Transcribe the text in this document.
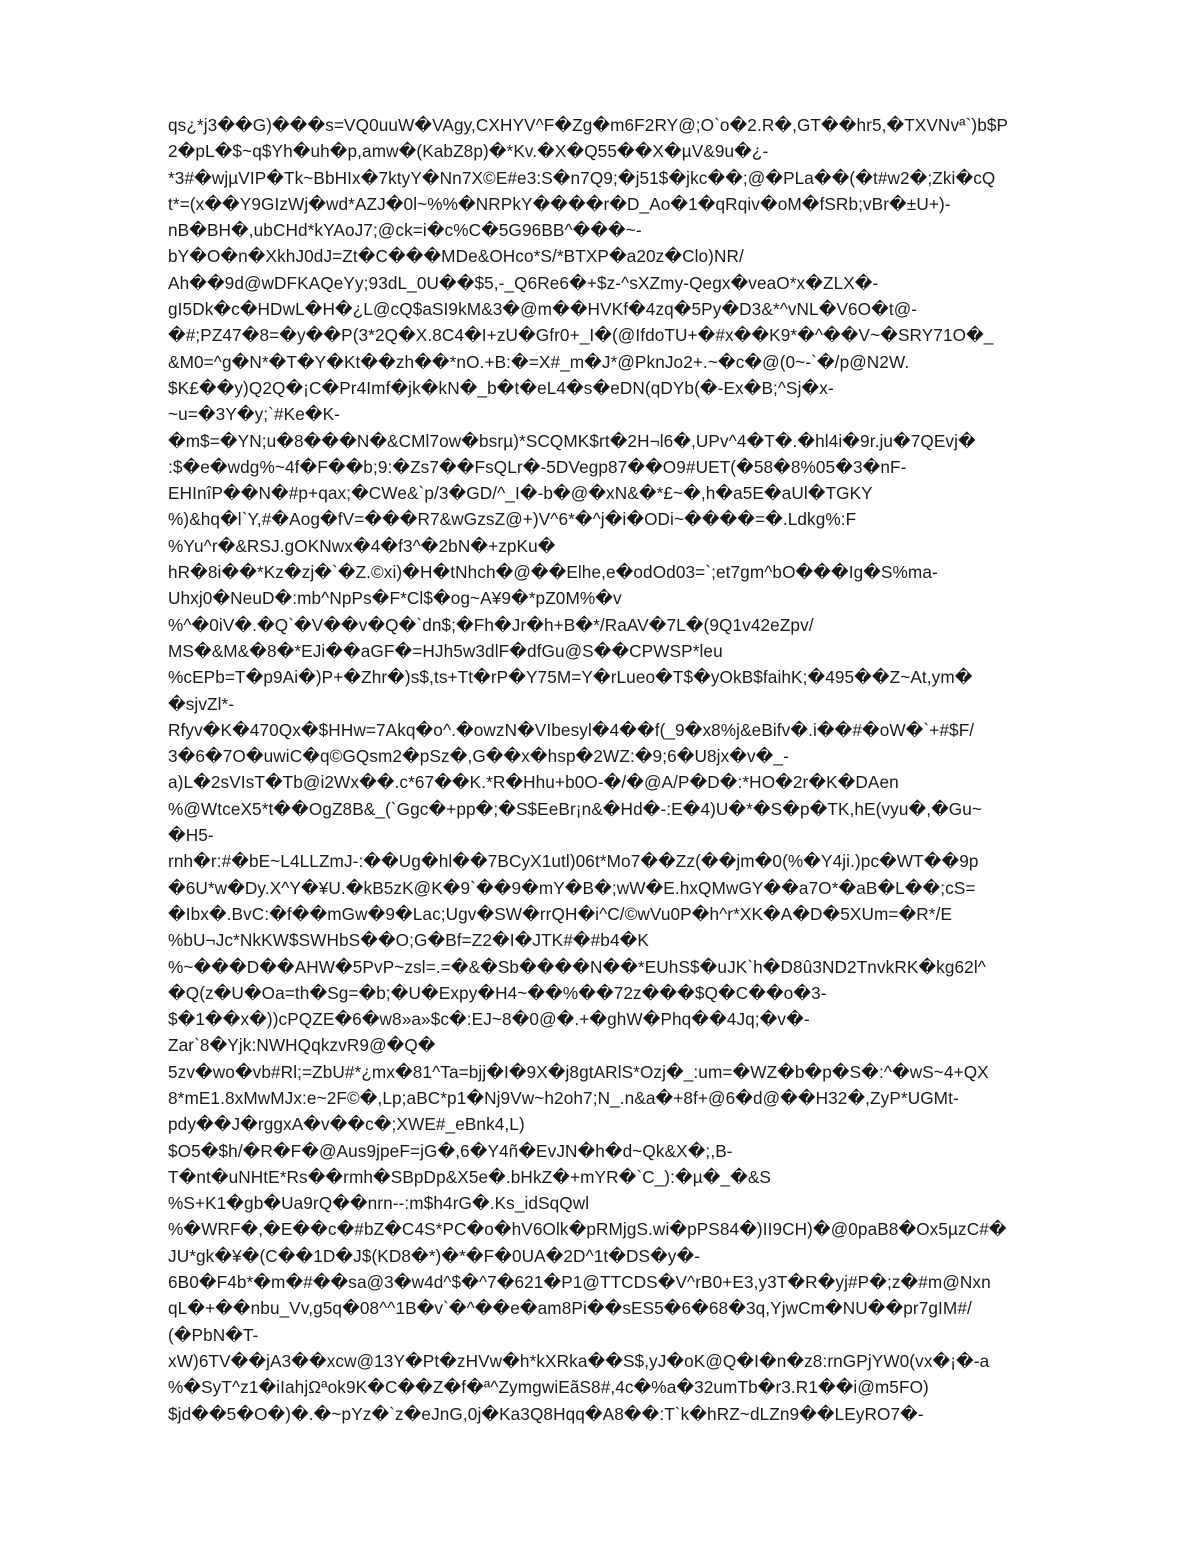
qs¿*j3��G)���s=VQ0uuW�VAgy,CXHYV^F�Zg�m6F2RY@;O`o�2.R�,GT��hr5,�TXVNvª`)b$P
2�pL�$~q$Yh�uh�p,amw�(KabZ8p)�*Kv.�X�Q55��X�µV&9u�¿-
*3#�wjµVIP�Tk~BbHIx�7ktyY�Nn7X©E#e3:S�n7Q9;�j51$�jkc��;@�PLa��(�t#w2�;Zki�cQ
t*=(x��Y9GIzWj�wd*AZJ�0l~%%�NRPkY����r�D_Ao�1�qRqiv�oM�fSRb;vBr�±U+)-
nB�BH�,ubCHd*kYAoJ7;@ck=i�c%C�5G96BB^���~-
bY�O�n�XkhJ0dJ=Zt�C���MDe&OHco*S/*BTXP�a20z�Clo)NR/
Ah��9d@wDFKAQeYy;93dL_0U��$5,-_Q6Re6�+$z-^sXZmy-Qegx�veaO*x�ZLX�-
gI5Dk�c�HDwL�H�¿L@cQ$aSI9kM&3�@m��HVKf�4zq�5Py�D3&*^vNL�V6O�t@-
�#;PZ47�8=�y��P(3*2Q�X.8C4�I+zU�Gfr0+_I�(@IfdoTU+�#x��K9*�^��V~�SRY71O�_
&M0=^g�N*�T�Y�Kt��zh��*nO.+B:�=X#_m�J*@PknJo2+.~�c�@(0~-`�/p@N2W.
$K£��y)Q2Q�¡C�Pr4Imf�jk�kN�_b�t�eL4�s�eDN(qDYb(�-Ex�B;^Sj�x-
~u=�3Y�y;`#Ke�K-
�m$=�YN;u�8���N�&CMl7ow�bsrµ)*SCQMK$rt�2H¬l6�,UPv^4�T�.�hl4i�9r.ju�7QEvj�
:$�e�wdg%~4f�F��b;9:�Zs7��FsQLr�-5DVegp87��O9#UET(�58�8%05�3�nF-
EHInîP��N�#p+qax;�CWe&`p/3�GD/^_I�-b�@�xN&�*£~�,h�a5E�aUl�TGKY
%)&hq�l`Y,#�Aog�fV=���R7&wGzsZ@+)V^6*�^j�i�ODi~����=�.Ldkg%:F
%Yu^r�&RSJ.gOKNwx�4�f3^�2bN�+zpKu�
hR�8i��*Kz�zj�`�Z.©xi)�H�tNhch�@��Elhe,e�odOd03=`;et7gm^bO���Ig�S%ma-
Uhxj0�NeuD�:mb^NpPs�F*Cl$�og~A¥9�*pZ0M%�v
%^�0iV�.�Q`�V��v�Q�`dn$;�Fh�Jr�h+B�*/RaAV�7L�(9Q1v42eZpv/
MS�&M&�8�*EJi��aGF�=HJh5w3dlF�dfGu@S��CPWSP*leu
%cEPb=T�p9Ai�)P+�Zhr�)s$,ts+Tt�rP�Y75M=Y�rLueo�T$�yOkB$faihK;�495��Z~At,ym�
�sjvZl*-
Rfyv�K�470Qx�$HHw=7Akq�o^.�owzN�VIbesyl�4��f(_9�x8%j&eBifv�.i��#�oW�`+#$F/
3�6�7O�uwiC�q©GQsm2�pSz�,G��x�hsp�2WZ:�9;6�U8jx�v�_-
a)L�2sVIsT�Tb@i2Wx��.c*67��K.*R�Hhu+b0O-�/�@A/P�D�:*HO�2r�K�DAen
%@WtceX5*t��OgZ8B&_(`Ggc�+pp�;�S$EeBr¡n&�Hd�-:E�4)U�*�S�p�TK,hE(vyu�,�Gu~
�H5-
rnh�r:#�bE~L4LLZmJ-:��Ug�hl��7BCyX1utl)06t*Mo7��Zz(��jm�0(%�Y4ji.)pc�WT��9p
�6U*w�Dy.X^Y�¥U.�kB5zK@K�9`��9�mY�B�;wW�E.hxQMwGY��a7O*�aB�L��;cS=
�Ibx�.BvC:�f��mGw�9�Lac;Ugv�SW�rrQH�i^C/©wVu0P�h^r*XK�A�D�5XUm=�R*/E
%bU¬Jc*NkKW$SWHbS��O;G�Bf=Z2�I�JTK#�#b4�K
%~���D��AHW�5PvP~zsl=.=�&�Sb����N��*EUhS$�uJK`h�D8û3ND2TnvkRK�kg62l^
�Q(z�U�Oa=th�Sg=�b;�U�Expy�H4~��%��72z���$Q�C��o�3-
$�1��x�))cPQZE�6�w8»a»$c�:EJ~8�0@�.+�ghW�Phq��4Jq;�v�-
Zar`8�Yjk:NWHQqkzvR9@�Q�
5zv�wo�vb#Rl;=ZbU#*¿mx�81^Ta=bjj�I�9X�j8gtARlS*Ozj�_:um=�WZ�b�p�S�:^�wS~4+QX
8*mE1.8xMwMJx:e~2F©�,Lp;aBC*p1�Nj9Vw~h2oh7;N_.n&a�+8f+@6�d@��H32�,ZyP*UGMt-
pdy��J�rggxA�v��c�;XWE#_eBnk4,L)
$O5�$h/�R�F�@Aus9jpeF=jG�,6�Y4ñ�EvJN�h�d~Qk&X�;,B-
T�nt�uNHtE*Rs��rmh�SBpDp&X5e�.bHkZ�+mYR�`C_):�µ�_�&S
%S+K1�gb�Ua9rQ��nrn--:m$h4rG�.Ks_idSqQwl
%�WRF�,�E��c�#bZ�C4S*PC�o�hV6Olk�pRMjgS.wi�pPS84�)II9CH)�@0paB8�Ox5µzC#�
JU*gk�¥�(C��1D�J$(KD8�*)�*�F�0UA�2D^1t�DS�y�-
6B0�F4b*�m�#��sa@3�w4d^$�^7�621�P1@TTCDS�V^rB0+E3,y3T�R�yj#P�;z�#m@Nxn
qL�+��nbu_Vv,g5q�08^^1B�v`�^��e�am8Pi��sES5�6�68�3q,YjwCm�NU��pr7gIM#/
(�PbN�T-
xW)6TV��jA3��xcw@13Y�Pt�zHVw�h*kXRka��S$,yJ�oK@Q�I�n�z8:rnGPjYW0(vx�¡�-a
%�SyT^z1�iIahjΩªok9K�C��Z�f�ª^ZymgwiEãS8#,4c�%a�32umTb�r3.R1��i@m5FO)
$jd��5�O�)�.�~pYz�`z�eJnG,0j�Ka3Q8Hqq�A8��:T`k�hRZ~dLZn9��LEyRO7�-
